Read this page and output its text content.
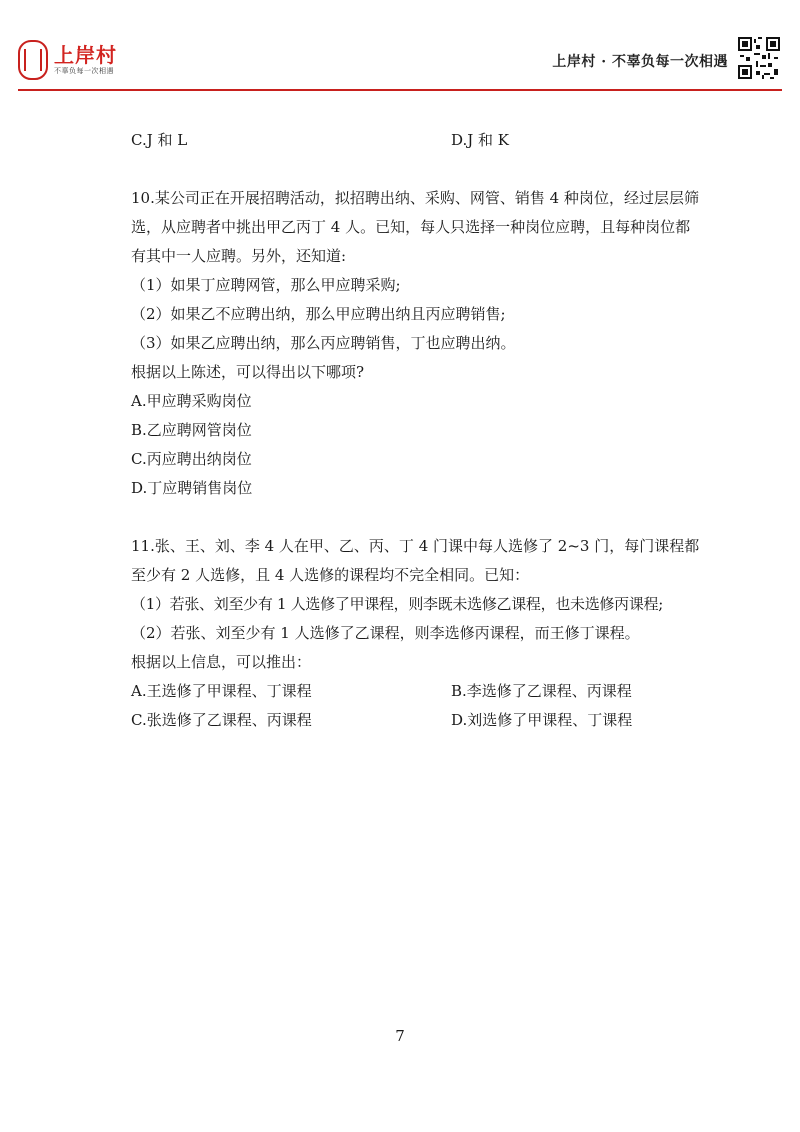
上岸村
不辜负每一次相遇
上岸村 · 不辜负每一次相遇

C.J 和 L	D.J 和 K

10.某公司正在开展招聘活动，拟招聘出纳、采购、网管、销售 4 种岗位，经过层层筛选，从应聘者中挑出甲乙丙丁 4 人。已知，每人只选择一种岗位应聘，且每种岗位都有其中一人应聘。另外，还知道:

（1）如果丁应聘网管，那么甲应聘采购;

（2）如果乙不应聘出纳，那么甲应聘出纳且丙应聘销售;

（3）如果乙应聘出纳，那么丙应聘销售，丁也应聘出纳。

根据以上陈述，可以得出以下哪项?

A.甲应聘采购岗位

B.乙应聘网管岗位

C.丙应聘出纳岗位

D.丁应聘销售岗位

11.张、王、刘、李 4 人在甲、乙、丙、丁 4 门课中每人选修了 2~3 门，每门课程都至少有 2 人选修，且 4 人选修的课程均不完全相同。已知：

（1）若张、刘至少有 1 人选修了甲课程，则李既未选修乙课程，也未选修丙课程;

（2）若张、刘至少有 1 人选修了乙课程，则李选修丙课程，而王修丁课程。

根据以上信息，可以推出：

A.王选修了甲课程、丁课程	B.李选修了乙课程、丙课程

C.张选修了乙课程、丙课程	D.刘选修了甲课程、丁课程

7
